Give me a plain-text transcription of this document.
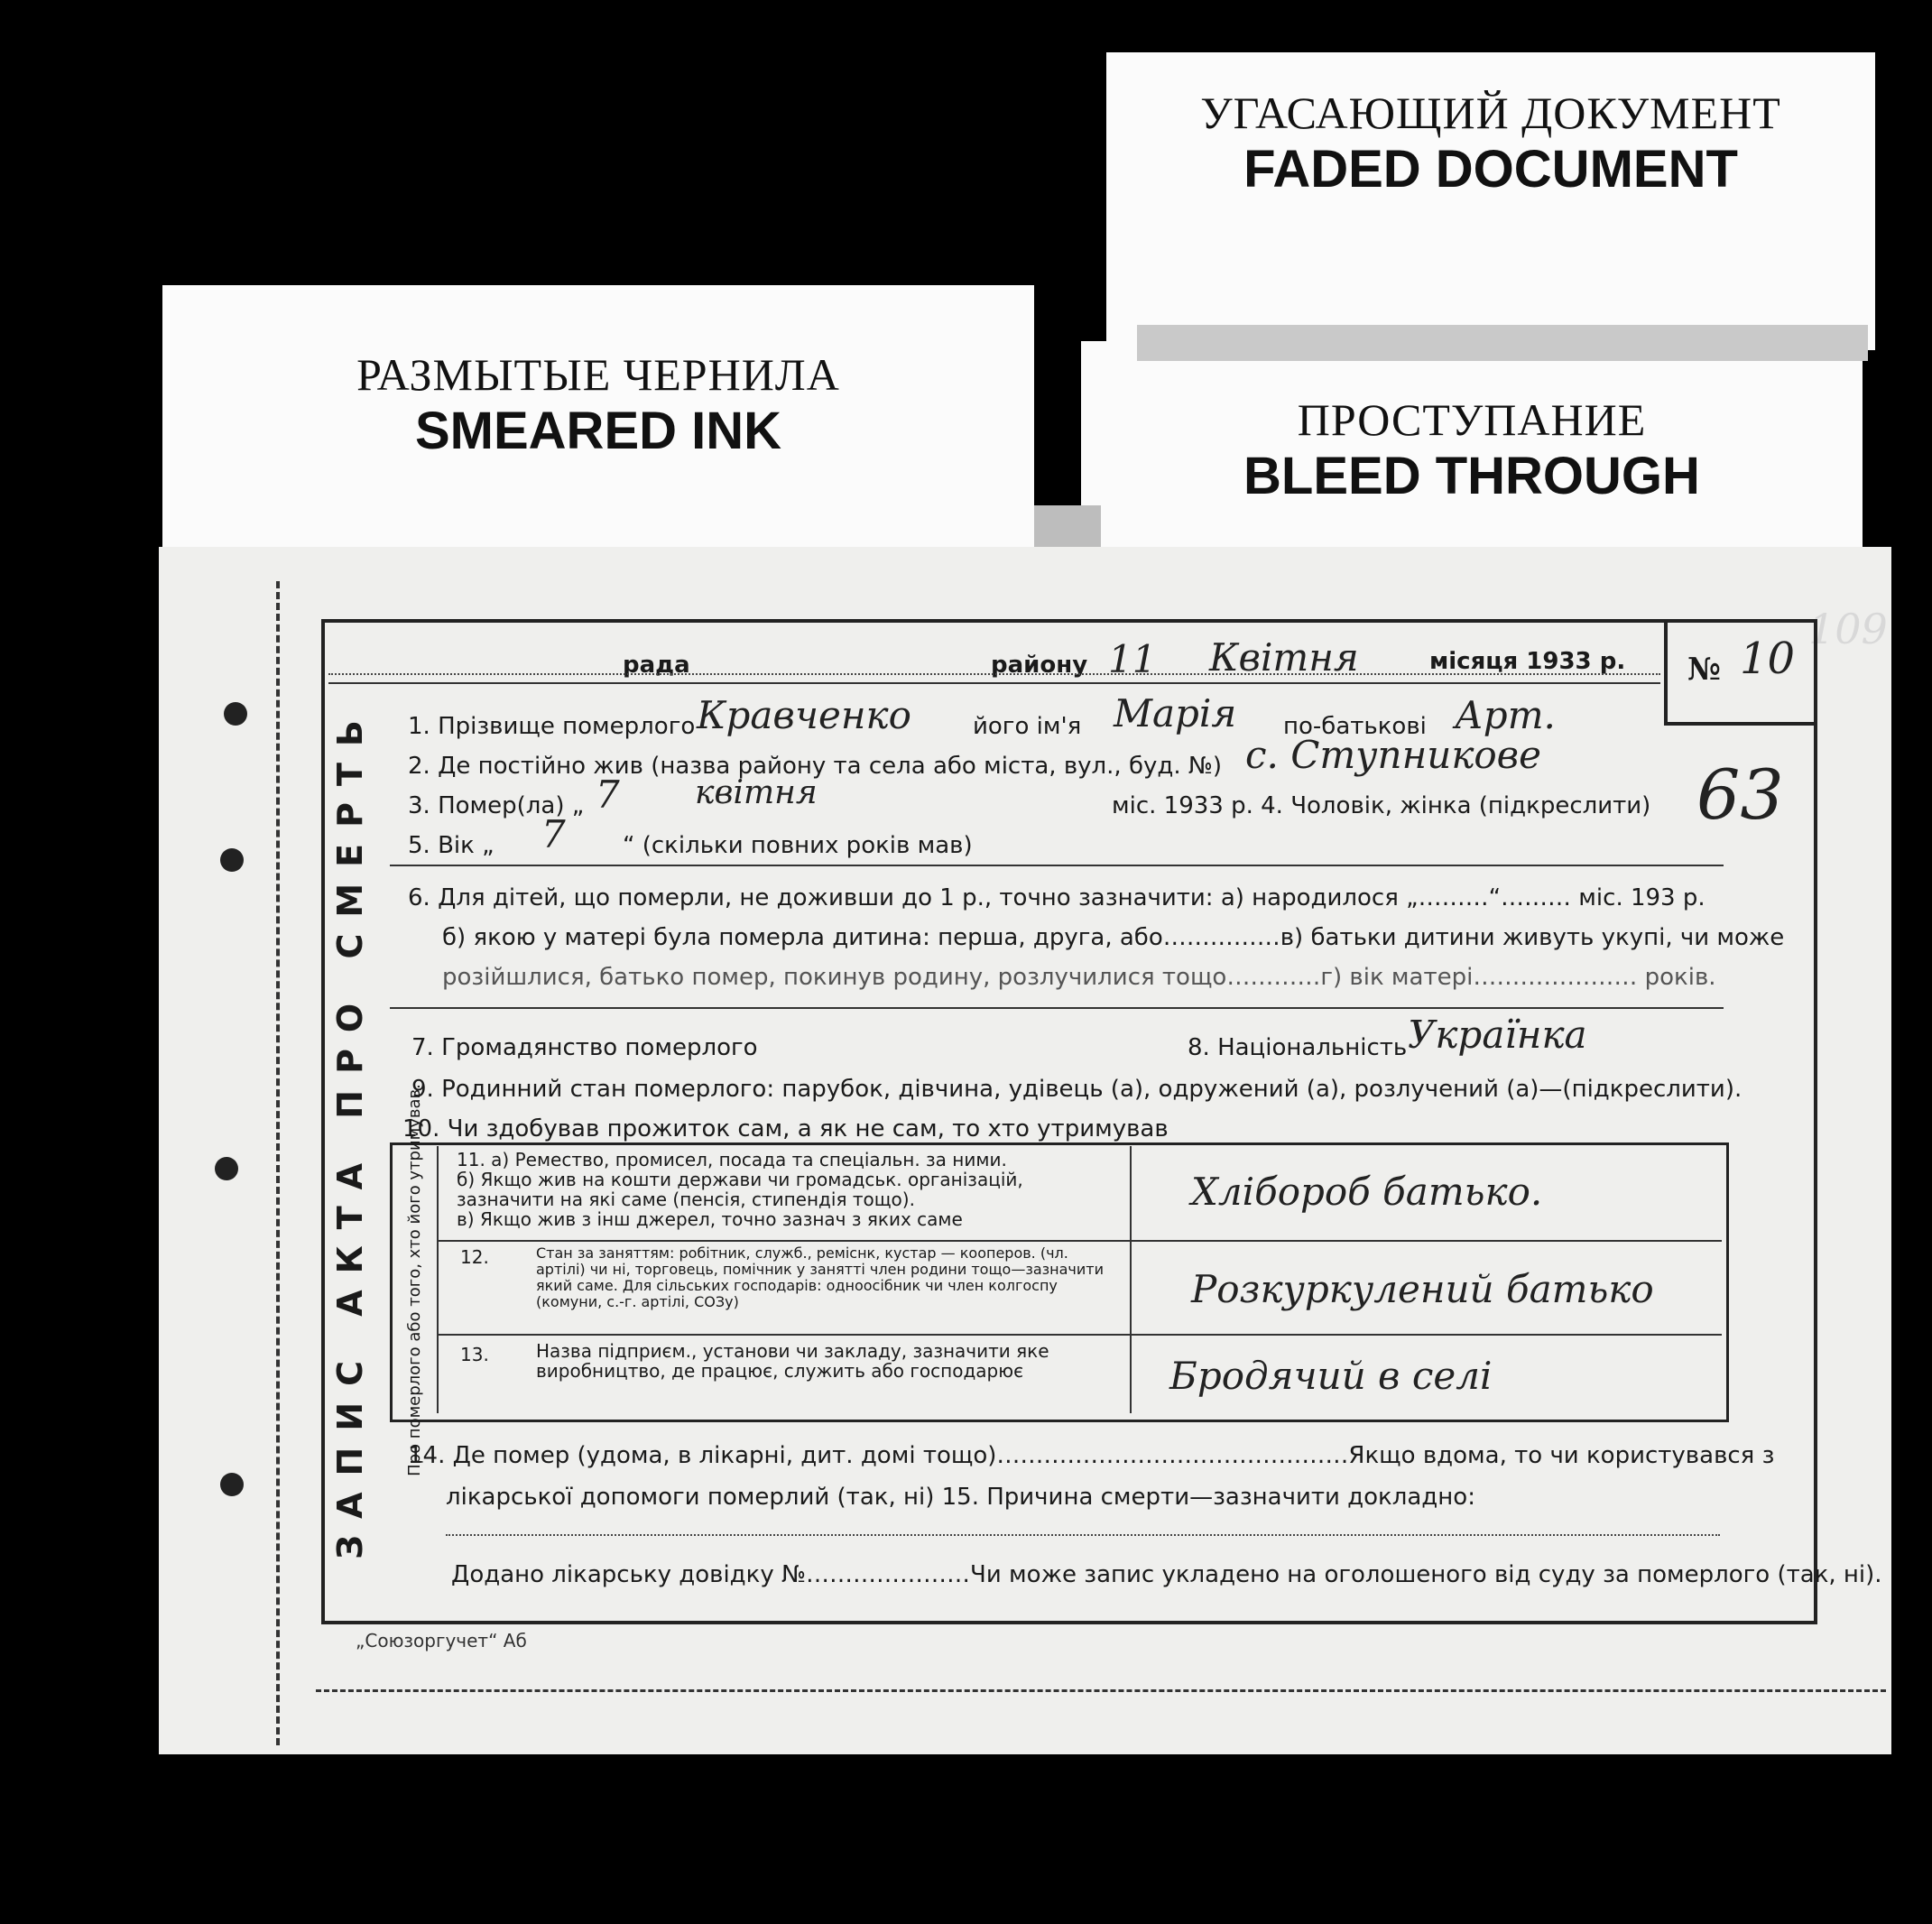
УГАСАЮЩИЙ ДОКУМЕНТ
FADED DOCUMENT
ПРОСТУПАНИЕ
BLEED THROUGH
РАЗМЫТЫЕ ЧЕРНИЛА
SMEARED INK
109
№ 10
ЗАПИС АКТА ПРО СМЕРТЬ
рада	району 11 Квітня	місяця 1933 р.
1. Прізвище померлого Кравченко	його ім'я Марія по-батькові Арт.
2. Де постійно жив (назва району та села або міста, вул., буд. №) с. Ступникове
3. Помер(ла) „ 7 квітня	міс. 1933 р. 4. Чоловік, жінка (підкреслити) 63
5. Вік „ 7 “ (скільки повних років мав)
6. Для дітей, що померли, не доживши до 1 р., точно зазначити: а) народилося „………“……… міс. 193 р.
б) якою у матері була померла дитина: перша, друга, або……………в) батьки дитини живуть укупі, чи може
розійшлися, батько помер, покинув родину, розлучилися тощо…………г) вік матері………………… років.
7. Громадянство померлого	8. Національність Українка
9. Родинний стан померлого: парубок, дівчина, удівець (а), одружений (а), розлучений (а)—(підкреслити).
10. Чи здобував прожиток сам, а як не сам, то хто утримував
Про померлого або того, хто його утримував. 11. а) Ремество, промисел, посада та спеціальн. за ними.
б) Якщо жив на кошти держави чи громадськ. організацій, зазначити на які саме (пенсія, стипендія тощо).
в) Якщо жив з інш джерел, точно зазнач з яких саме
Хлібороб батько.
12.	Стан за заняттям: робітник, служб., реміснк, кустар — кооперов. (чл. артілі) чи ні, торговець, помічник у занятті член родини тощо—зазначити який саме. Для сільських господарів: одноосібник чи член колгоспу (комуни, с.-г. артілі, СОЗу)	Розкуркулений батько
13.	Назва підприєм., установи чи закладу, зазначити яке виробництво, де працює, служить або господарює	Бродячий в селі
14. Де помер (удома, в лікарні, дит. домі тощо)………………………………………Якщо вдома, то чи користувався з
лікарської допомоги померлий (так, ні) 15. Причина смерти—зазначити докладно:
Додано лікарську довідку №…………………Чи може запис укладено на оголошеного від суду за померлого (так, ні).
„Союзоргучет“ Аб
